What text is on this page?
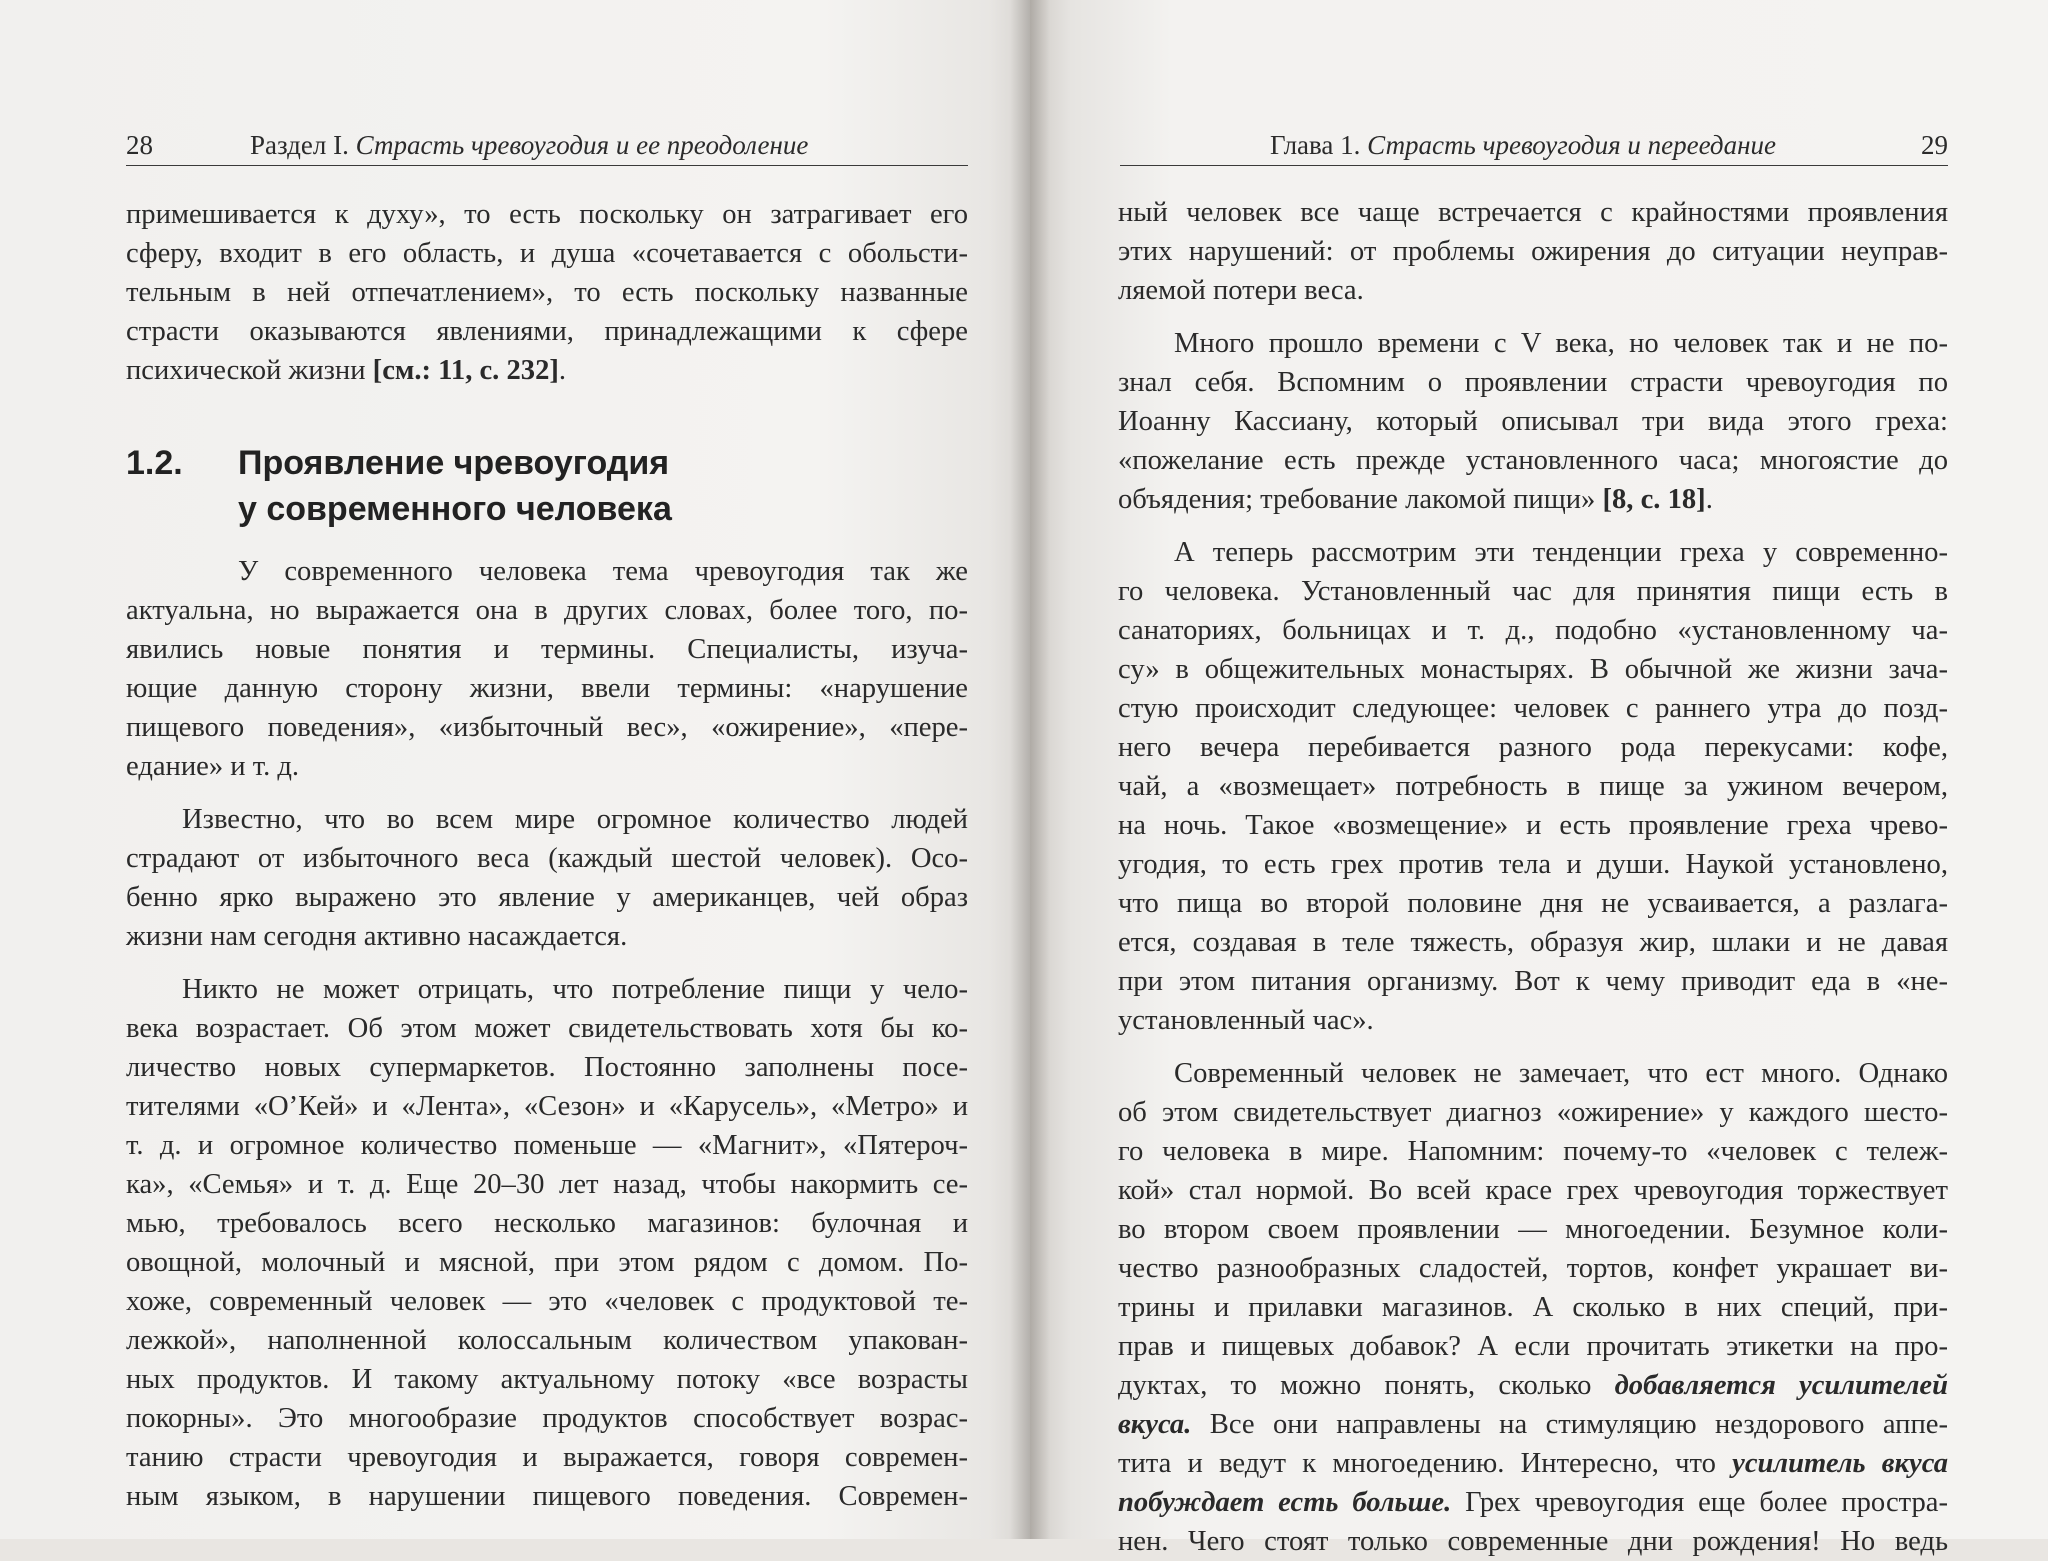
28	Раздел I. Страсть чревоугодия и ее преодоление	Глава 1. Страсть чревоугодия и переедание	29
примешивается к духу», то есть поскольку он затрагивает его
сферу, входит в его область, и душа «сочетавается с обольсти-
тельным в ней отпечатлением», то есть поскольку названные
страсти оказываются явлениями, принадлежащими к сфере
психической жизни [см.: 11, с. 232].
1.2. Проявление чревоугодия
у современного человека
У современного человека тема чревоугодия так же
актуальна, но выражается она в других словах, более того, по-
явились новые понятия и термины. Специалисты, изуча-
ющие данную сторону жизни, ввели термины: «нарушение
пищевого поведения», «избыточный вес», «ожирение», «пере-
едание» и т. д.
Известно, что во всем мире огромное количество людей
страдают от избыточного веса (каждый шестой человек). Осо-
бенно ярко выражено это явление у американцев, чей образ
жизни нам сегодня активно насаждается.
Никто не может отрицать, что потребление пищи у чело-
века возрастает. Об этом может свидетельствовать хотя бы ко-
личество новых супермаркетов. Постоянно заполнены посе-
тителями «О’Кей» и «Лента», «Сезон» и «Карусель», «Метро» и
т. д. и огромное количество поменьше — «Магнит», «Пятероч-
ка», «Семья» и т. д. Еще 20–30 лет назад, чтобы накормить се-
мью, требовалось всего несколько магазинов: булочная и
овощной, молочный и мясной, при этом рядом с домом. По-
хоже, современный человек — это «человек с продуктовой те-
лежкой», наполненной колоссальным количеством упакован-
ных продуктов. И такому актуальному потоку «все возрасты
покорны». Это многообразие продуктов способствует возрас-
танию страсти чревоугодия и выражается, говоря современ-
ным языком, в нарушении пищевого поведения. Современ-
ный человек все чаще встречается с крайностями проявления
этих нарушений: от проблемы ожирения до ситуации неуправ-
ляемой потери веса.
Много прошло времени с V века, но человек так и не по-
знал себя. Вспомним о проявлении страсти чревоугодия по
Иоанну Кассиану, который описывал три вида этого греха:
«пожелание есть прежде установленного часа; многоястие до
объядения; требование лакомой пищи» [8, с. 18].
А теперь рассмотрим эти тенденции греха у современно-
го человека. Установленный час для принятия пищи есть в
санаториях, больницах и т. д., подобно «установленному ча-
су» в общежительных монастырях. В обычной же жизни зача-
стую происходит следующее: человек с раннего утра до позд-
него вечера перебивается разного рода перекусами: кофе,
чай, а «возмещает» потребность в пище за ужином вечером,
на ночь. Такое «возмещение» и есть проявление греха чрево-
угодия, то есть грех против тела и души. Наукой установлено,
что пища во второй половине дня не усваивается, а разлага-
ется, создавая в теле тяжесть, образуя жир, шлаки и не давая
при этом питания организму. Вот к чему приводит еда в «не-
установленный час».
Современный человек не замечает, что ест много. Однако
об этом свидетельствует диагноз «ожирение» у каждого шесто-
го человека в мире. Напомним: почему-то «человек с тележ-
кой» стал нормой. Во всей красе грех чревоугодия торжествует
во втором своем проявлении — многоедении. Безумное коли-
чество разнообразных сладостей, тортов, конфет украшает ви-
трины и прилавки магазинов. А сколько в них специй, при-
прав и пищевых добавок? А если прочитать этикетки на про-
дуктах, то можно понять, сколько добавляется усилителей
вкуса. Все они направлены на стимуляцию нездорового аппе-
тита и ведут к многоедению. Интересно, что усилитель вкуса
побуждает есть больше. Грех чревоугодия еще более простра-
нен. Чего стоят только современные дни рождения! Но ведь
